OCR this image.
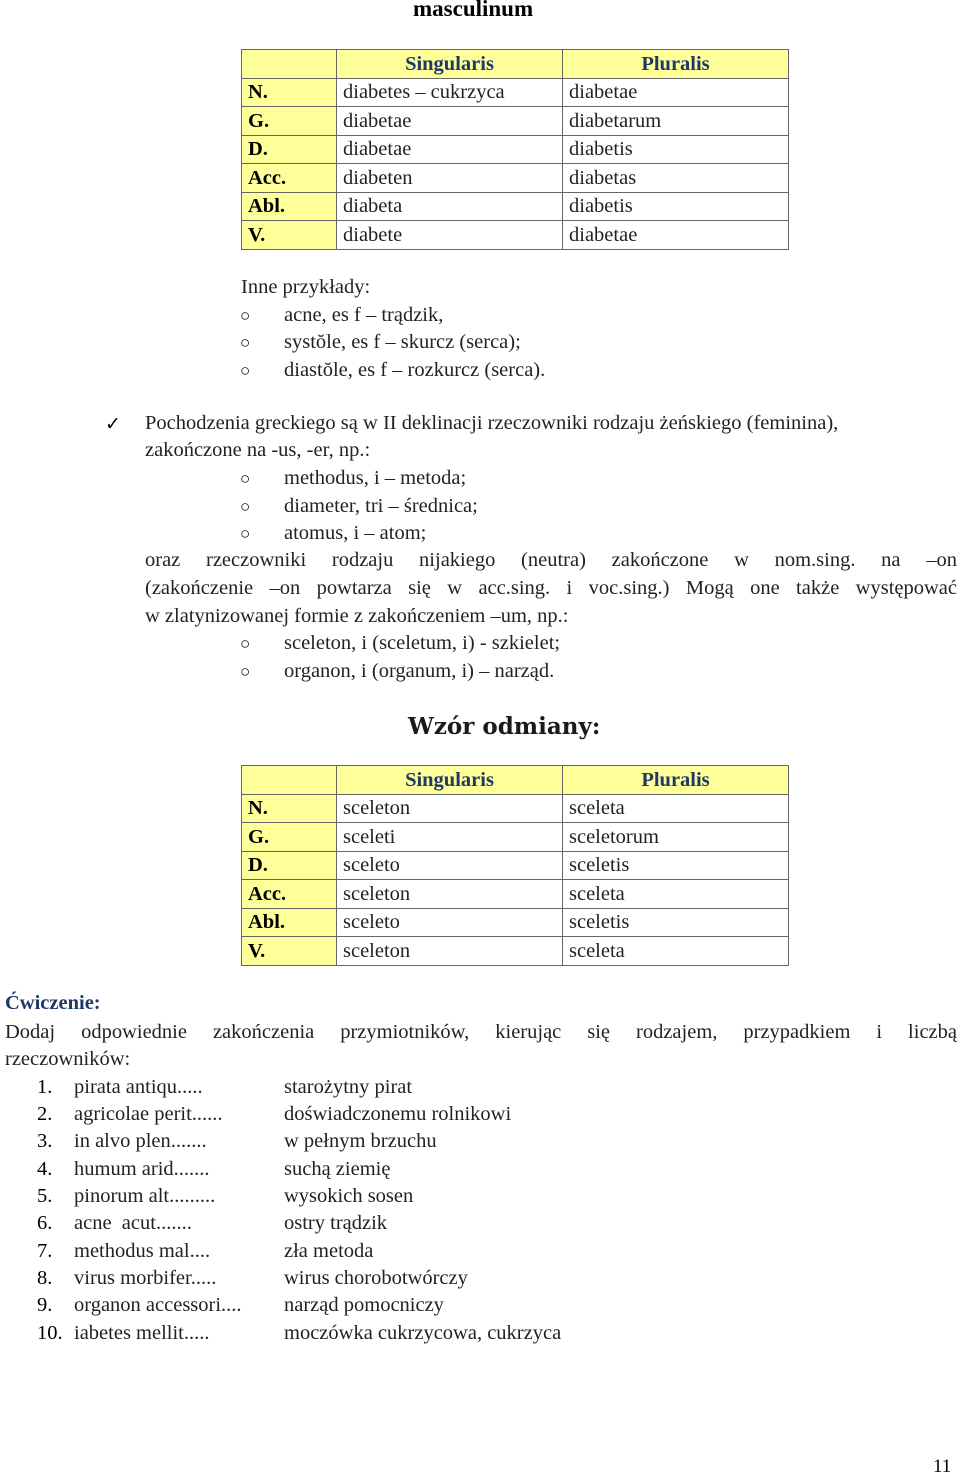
masculinum
	Singularis	Pluralis
N.	diabetes – cukrzyca	diabetae
G.	diabetae	diabetarum
D.	diabetae	diabetis
Acc.	diabeten	diabetas
Abl.	diabeta	diabetis
V.	diabete	diabetae
Inne przykłady:
○ acne, es f – trądzik,
○ systŏle, es f – skurcz (serca);
○ diastŏle, es f – rozkurcz (serca).
✓ Pochodzenia greckiego są w II deklinacji rzeczowniki rodzaju żeńskiego (feminina),
zakończone na -us, -er, np.:
○ methodus, i – metoda;
○ diameter, tri – średnica;
○ atomus, i – atom;
oraz rzeczowniki rodzaju nijakiego (neutra) zakończone w nom.sing. na –on
(zakończenie –on powtarza się w acc.sing. i voc.sing.) Mogą one także występować
w zlatynizowanej formie z zakończeniem –um, np.:
○ sceleton, i (sceletum, i) - szkielet;
○ organon, i (organum, i) – narząd.
Wzór odmiany:
	Singularis	Pluralis
N.	sceleton	sceleta
G.	sceleti	sceletorum
D.	sceleto	sceletis
Acc.	sceleton	sceleta
Abl.	sceleto	sceletis
V.	sceleton	sceleta
Ćwiczenie:
Dodaj odpowiednie zakończenia przymiotników, kierując się rodzajem, przypadkiem i liczbą
rzeczowników:
1. pirata antiqu.....	starożytny pirat
2. agricolae perit......	doświadczonemu rolnikowi
3. in alvo plen.......	w pełnym brzuchu
4. humum arid.......	suchą ziemię
5. pinorum alt.........	wysokich sosen
6. acne  acut.......	ostry trądzik
7. methodus mal....	zła metoda
8. virus morbifer.....	wirus chorobotwórczy
9. organon accessori.... narząd pomocniczy
10. iabetes mellit.....	moczówka cukrzycowa, cukrzyca
11
